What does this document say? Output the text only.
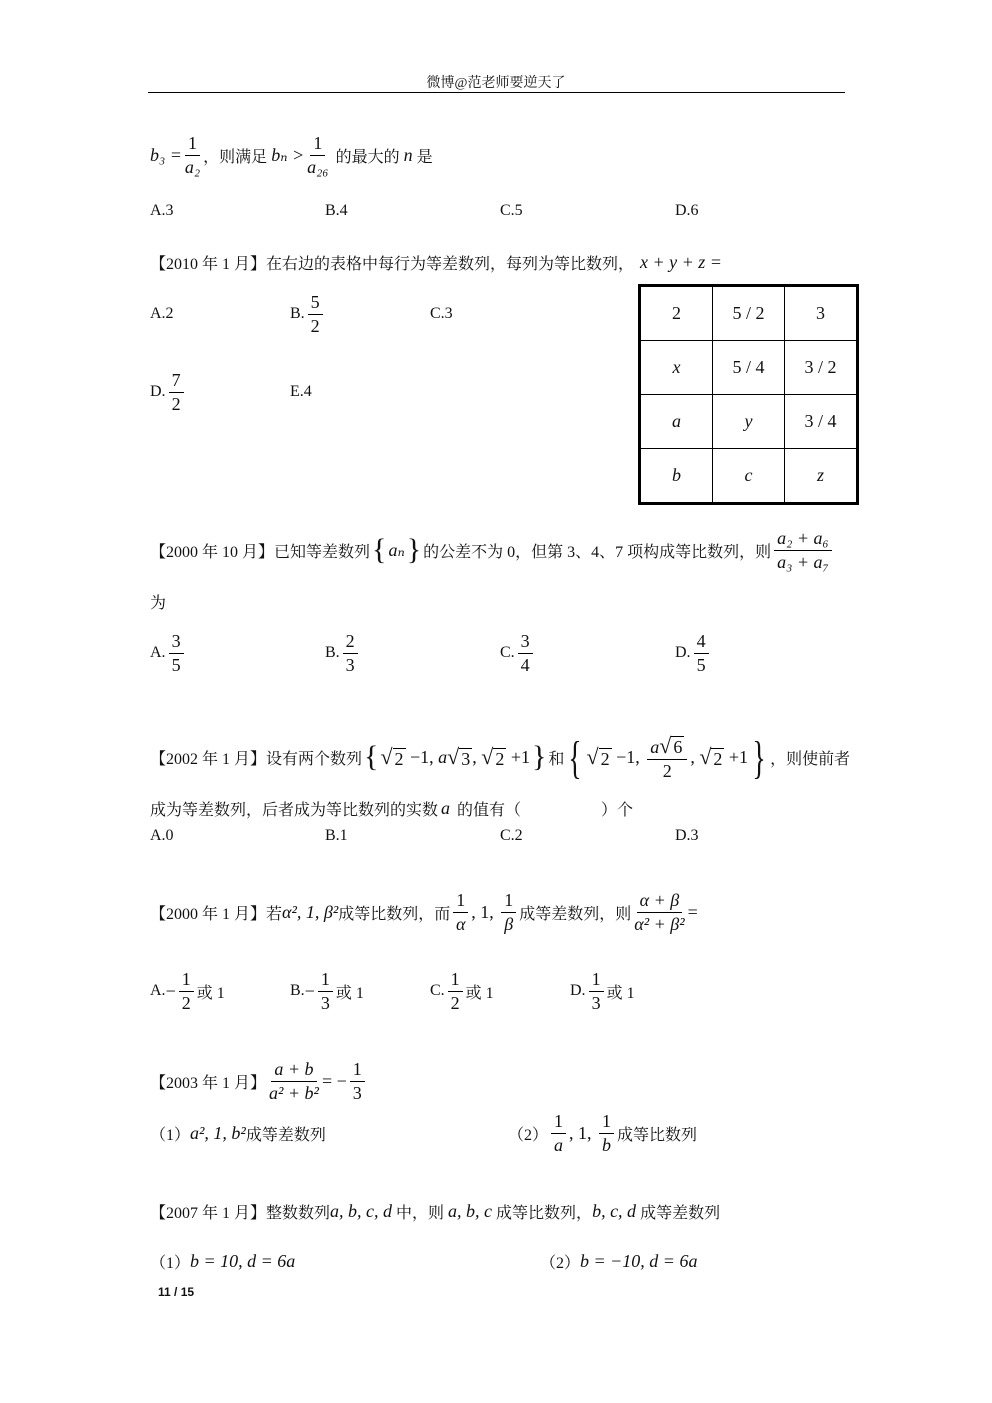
微博@范老师要逆天了
$b_3 = \frac{1}{\text{a₂}}$ ，则满足 $b_n > \frac{1}{\text{a₂₆}}$ 的最大的 n 是
A.3	B.4	C.5	D.6
【2010 年 1 月】 在右边的表格中每行为等差数列，每列为等比数列， x + y + z =
A.2	B. $\frac{5}{2}$	C.3
D. $\frac{7}{2}$	E.4
2	5 / 2	3
x	5 / 4	3 / 2
a	y	3 / 4
b	c	z
【2000 年 10 月】 已知等差数列 { aₙ } 的公差不为 0，但第 3、4、7 项构成等比数列，则 $\frac{\text{a₂ + a₆}}{\text{a₃ + a₇}}$
为
A. $\frac{3}{5}$	B. $\frac{2}{3}$	C. $\frac{3}{4}$	D. $\frac{4}{5}$
【2002 年 1 月】 设有两个数列 { √ 2 −1, a √ 3 , √ 2 +1 } 和 { √ 2 −1, $\frac{a √ 6}{2}$ , √ 2 +1 } ，则使前者
成为等差数列，后者成为等比数列的实数 a 的值有（	）个
A.0	B.1	C.2	D.3
【2000 年 1 月】 若 α², 1, β² 成等比数列，而 $\frac{1}{\alpha}$ , 1, $\frac{1}{\beta}$ 成等差数列，则 $\frac{\alpha + \beta}{\text{α² + β²}}$ =
A. − $\frac{1}{2}$ 或 1	B. − $\frac{1}{3}$ 或 1	C. $\frac{1}{2}$ 或 1	D. $\frac{1}{3}$ 或 1
【2003 年 1 月】 $\frac{a + b}{\text{a² + b²}}$ = − $\frac{1}{3}$
（1） a², 1, b² 成等差数列	$(2) \frac{1}{a}$ , 1, $\frac{1}{b}$ 成等比数列
【2007 年 1 月】 整数数列 a, b, c, d 中，则 a, b, c 成等比数列， b, c, d 成等差数列
（1） b = 10, d = 6a	（2） b = −10, d = 6a
11 / 15
